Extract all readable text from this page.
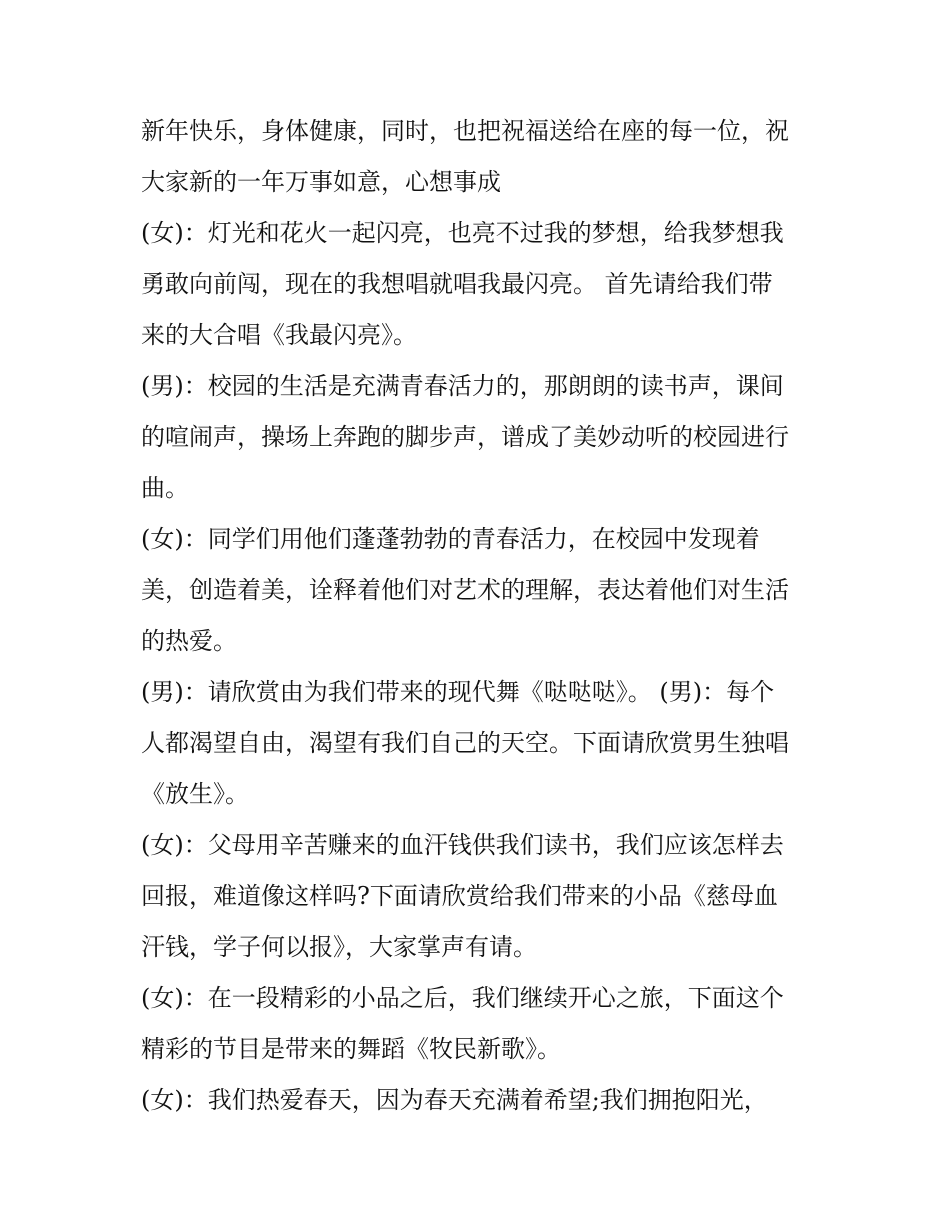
新年快乐，身体健康，同时，也把祝福送给在座的每一位，祝
大家新的一年万事如意，心想事成
(女)：灯光和花火一起闪亮，也亮不过我的梦想，给我梦想我
勇敢向前闯，现在的我想唱就唱我最闪亮。 首先请给我们带
来的大合唱《我最闪亮》。
(男)：校园的生活是充满青春活力的，那朗朗的读书声，课间
的喧闹声，操场上奔跑的脚步声，谱成了美妙动听的校园进行
曲。
(女)：同学们用他们蓬蓬勃勃的青春活力，在校园中发现着
美，创造着美，诠释着他们对艺术的理解，表达着他们对生活
的热爱。
(男)：请欣赏由为我们带来的现代舞《哒哒哒》。 (男)：每个
人都渴望自由，渴望有我们自己的天空。下面请欣赏男生独唱
《放生》。
(女)：父母用辛苦赚来的血汗钱供我们读书，我们应该怎样去
回报，难道像这样吗?下面请欣赏给我们带来的小品《慈母血
汗钱，学子何以报》，大家掌声有请。
(女)：在一段精彩的小品之后，我们继续开心之旅，下面这个
精彩的节目是带来的舞蹈《牧民新歌》。
(女)：我们热爱春天，因为春天充满着希望;我们拥抱阳光，
